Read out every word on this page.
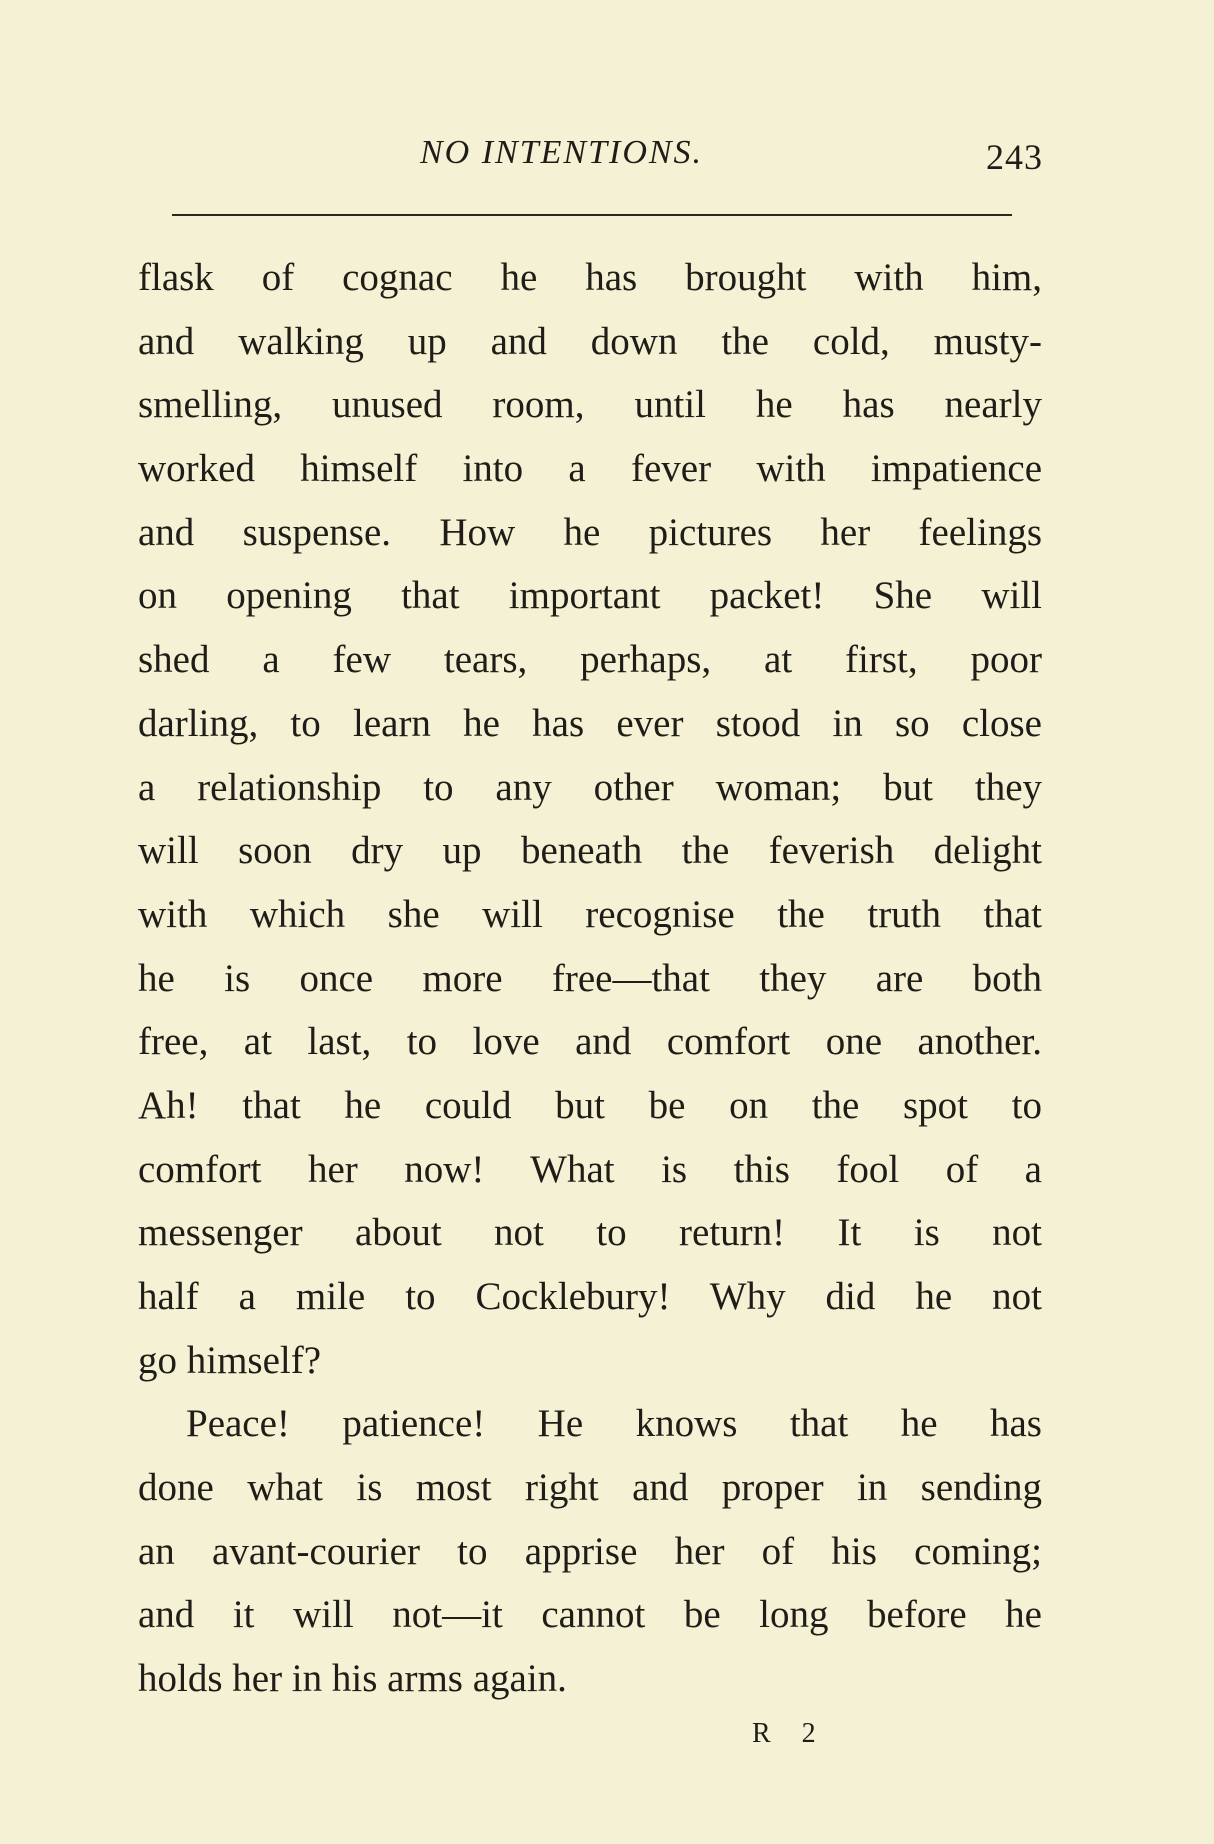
NO INTENTIONS.	243
flask of cognac he has brought with him,
and walking up and down the cold, musty-
smelling, unused room, until he has nearly
worked himself into a fever with impatience
and suspense. How he pictures her feelings
on opening that important packet! She will
shed a few tears, perhaps, at first, poor
darling, to learn he has ever stood in so close
a relationship to any other woman; but they
will soon dry up beneath the feverish delight
with which she will recognise the truth that
he is once more free—that they are both
free, at last, to love and comfort one another.
Ah! that he could but be on the spot to
comfort her now! What is this fool of a
messenger about not to return! It is not
half a mile to Cocklebury! Why did he not
go himself?
Peace! patience! He knows that he has
done what is most right and proper in sending
an avant-courier to apprise her of his coming;
and it will not—it cannot be long before he
holds her in his arms again.
R 2
